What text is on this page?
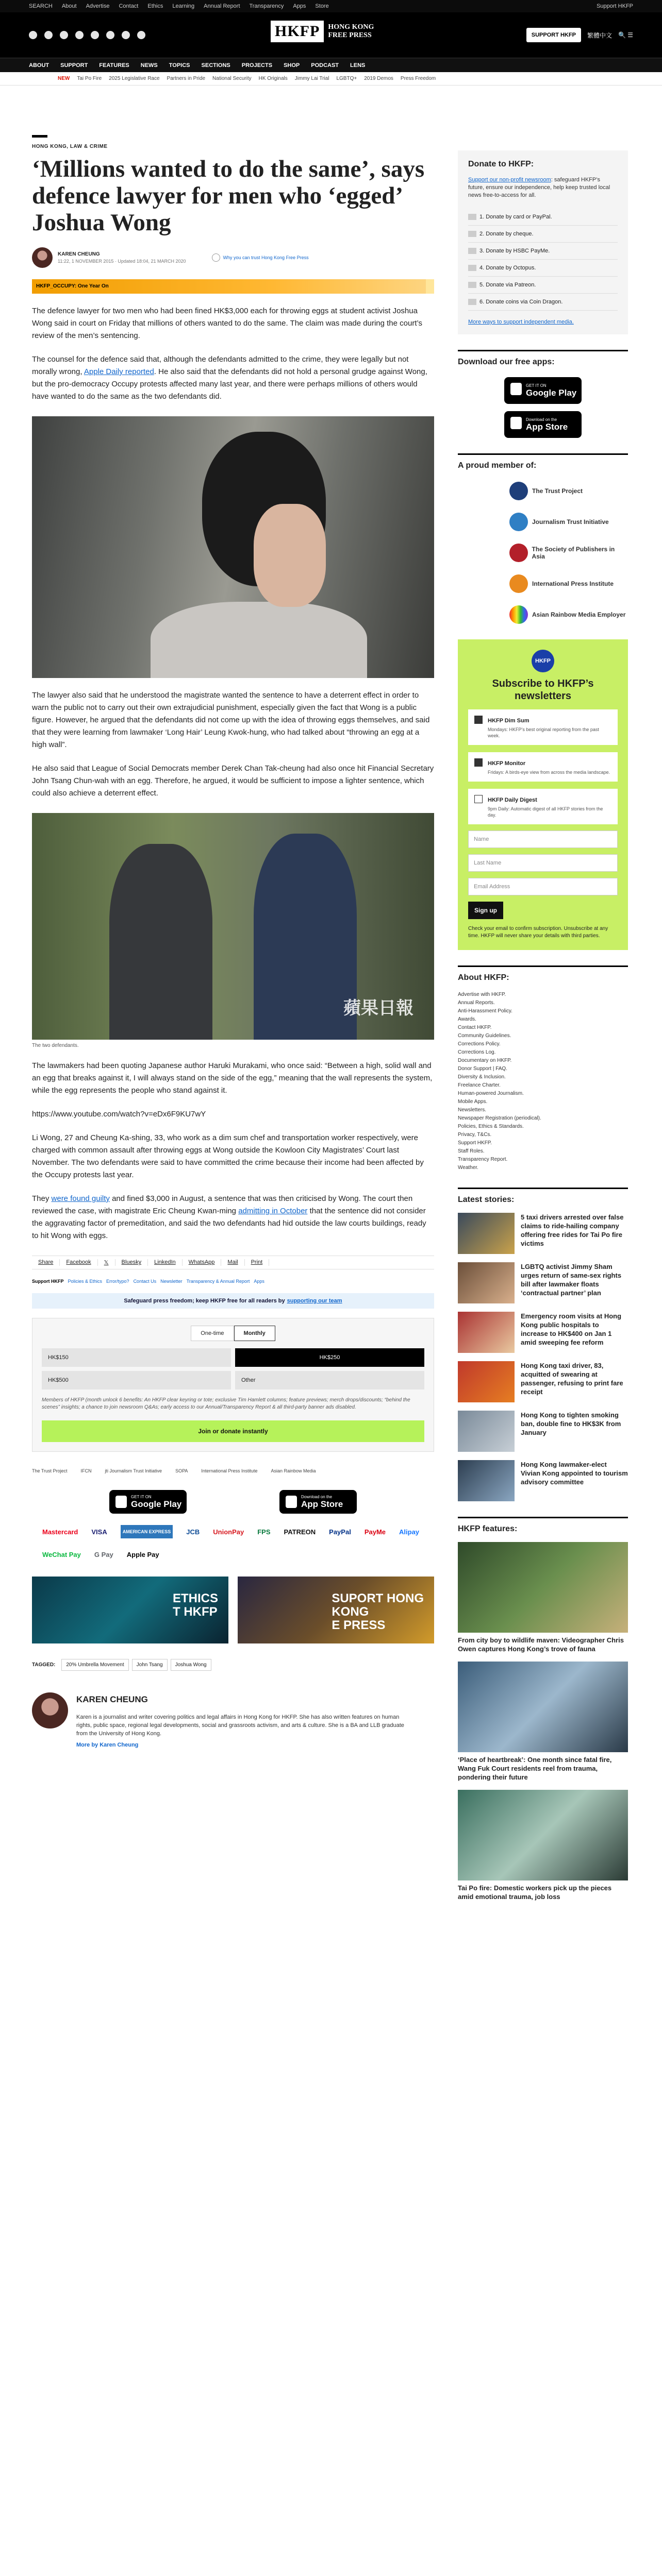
SEARCH About Advertise Contact Ethics Learning Annual Report Transparency Apps Store	Support HKFP
HKFP	HONG KONG
FREE PRESS	SUPPORT HKFP	繁體中文 🔍 ☰
ABOUT SUPPORT FEATURES NEWS TOPICS SECTIONS PROJECTS SHOP PODCAST LENS
NEW Tai Po Fire 2025 Legislative Race Partners in Pride National Security HK Originals Jimmy Lai Trial LGBTQ+ 2019 Demos Press Freedom
HONG KONG, LAW & CRIME
‘Millions wanted to do the same’, says defence lawyer for men who ‘egged’ Joshua Wong
KAREN CHEUNG
11:22, 1 NOVEMBER 2015 · Updated 18:04, 21 MARCH 2020
Why you can trust Hong Kong Free Press
HKFP_OCCUPY: One Year On

The defence lawyer for two men who had been fined HK$3,000 each for throwing eggs at student activist Joshua Wong said in court on Friday that millions of others wanted to do the same. The claim was made during the court’s review of the men’s sentencing.

The counsel for the defence said that, although the defendants admitted to the crime, they were legally but not morally wrong, Apple Daily reported. He also said that the defendants did not hold a personal grudge against Wong, but the pro-democracy Occupy protests affected many last year, and there were perhaps millions of others would have wanted to do the same as the two defendants did.

The lawyer also said that he understood the magistrate wanted the sentence to have a deterrent effect in order to warn the public not to carry out their own extrajudicial punishment, especially given the fact that Wong is a public figure. However, he argued that the defendants did not come up with the idea of throwing eggs themselves, and said that they were learning from lawmaker ‘Long Hair’ Leung Kwok-hung, who had talked about “throwing an egg at a high wall”.

He also said that League of Social Democrats member Derek Chan Tak-cheung had also once hit Financial Secretary John Tsang Chun-wah with an egg. Therefore, he argued, it would be sufficient to impose a lighter sentence, which could also achieve a deterrent effect.

蘋果日報
The two defendants.

The lawmakers had been quoting Japanese author Haruki Murakami, who once said: “Between a high, solid wall and an egg that breaks against it, I will always stand on the side of the egg,” meaning that the wall represents the system, while the egg represents the people who stand against it.

https://www.youtube.com/watch?v=eDx6F9KU7wY

Li Wong, 27 and Cheung Ka-shing, 33, who work as a dim sum chef and transportation worker respectively, were charged with common assault after throwing eggs at Wong outside the Kowloon City Magistrates’ Court last November. The two defendants were said to have committed the crime because their income had been affected by the Occupy protests last year.

They were found guilty and fined $3,000 in August, a sentence that was then criticised by Wong. The court then reviewed the case, with magistrate Eric Cheung Kwan-ming admitting in October that the sentence did not consider the aggravating factor of premeditation, and said the two defendants had hid outside the law courts buildings, ready to hit Wong with eggs.

Share	Facebook	𝕏	Bluesky	LinkedIn	WhatsApp	Mail	Print
Support HKFP Policies & Ethics Error/typo? Contact Us Newsletter Transparency & Annual Report Apps
Safeguard press freedom; keep HKFP free for all readers by supporting our team
One-time	Monthly
HK$150	HK$250
HK$500	Other
Members of HKFP (month unlock 6 benefits: An HKFP clear keyring or tote; exclusive Tim Hamlett columns; feature previews; merch drops/discounts; “behind the scenes” insights; a chance to join newsroom Q&As; early access to our Annual/Transparency Report & all third-party banner ads disabled.
Join or donate instantly
The Trust Project	IFCN	jti Journalism Trust Initiative	SOPA	International Press Institute	Asian Rainbow Media
GET IT ON
Google Play
Download on the
App Store
Mastercard VISA	AMERICAN EXPRESS	JCB UnionPay FPS PATREON PayPal PayMe Alipay
WeChat Pay G Pay Apple Pay
ETHICS
T HKFP
SUPORT HONG
KONG
E PRESS
TAGGED:	20% Umbrella Movement	John Tsang	Joshua Wong
KAREN CHEUNG
Karen is a journalist and writer covering politics and legal affairs in Hong Kong for HKFP. She has also written features on human rights, public space, regional legal developments, social and grassroots activism, and arts & culture. She is a BA and LLB graduate from the University of Hong Kong.
More by Karen Cheung
Donate to HKFP:
Support our non-profit newsroom: safeguard HKFP’s future, ensure our independence, help keep trusted local news free-to-access for all.
1. Donate by card or PayPal.
2. Donate by cheque.
3. Donate by HSBC PayMe.
4. Donate by Octopus.
5. Donate via Patreon.
6. Donate coins via Coin Dragon.
More ways to support independent media.
Download our free apps:
GET IT ON
Google Play
Download on the
App Store
A proud member of:
The Trust Project
Journalism Trust Initiative
The Society of Publishers in Asia
International Press Institute
Asian Rainbow Media Employer
HKFP
Subscribe to HKFP’s newsletters
HKFP Dim Sum

Mondays: HKFP’s best original reporting from the past week.

HKFP Monitor

Fridays: A birds-eye view from across the media landscape.

HKFP Daily Digest

9pm Daily: Automatic digest of all HKFP stories from the day.

Name
Last Name
Email Address
Sign up
Check your email to confirm subscription. Unsubscribe at any time. HKFP will never share your details with third parties.
About HKFP:
Advertise with HKFP.
Annual Reports.
Anti-Harassment Policy.
Awards.
Contact HKFP.
Community Guidelines.
Corrections Policy.
Corrections Log.
Documentary on HKFP.
Donor Support | FAQ.
Diversity & Inclusion.
Freelance Charter.
Human-powered Journalism.
Mobile Apps.
Newsletters.
Newspaper Registration (periodical).
Policies, Ethics & Standards.
Privacy, T&Cs.
Support HKFP.
Staff Roles.
Transparency Report.
Weather.
Latest stories:
5 taxi drivers arrested over false claims to ride-hailing company offering free rides for Tai Po fire victims
LGBTQ activist Jimmy Sham urges return of same-sex rights bill after lawmaker floats ‘contractual partner’ plan
Emergency room visits at Hong Kong public hospitals to increase to HK$400 on Jan 1 amid sweeping fee reform
Hong Kong taxi driver, 83, acquitted of swearing at passenger, refusing to print fare receipt
Hong Kong to tighten smoking ban, double fine to HK$3K from January
Hong Kong lawmaker-elect Vivian Kong appointed to tourism advisory committee
HKFP features:
From city boy to wildlife maven: Videographer Chris Owen captures Hong Kong’s trove of fauna
‘Place of heartbreak’: One month since fatal fire, Wang Fuk Court residents reel from trauma, pondering their future
Tai Po fire: Domestic workers pick up the pieces amid emotional trauma, job loss
